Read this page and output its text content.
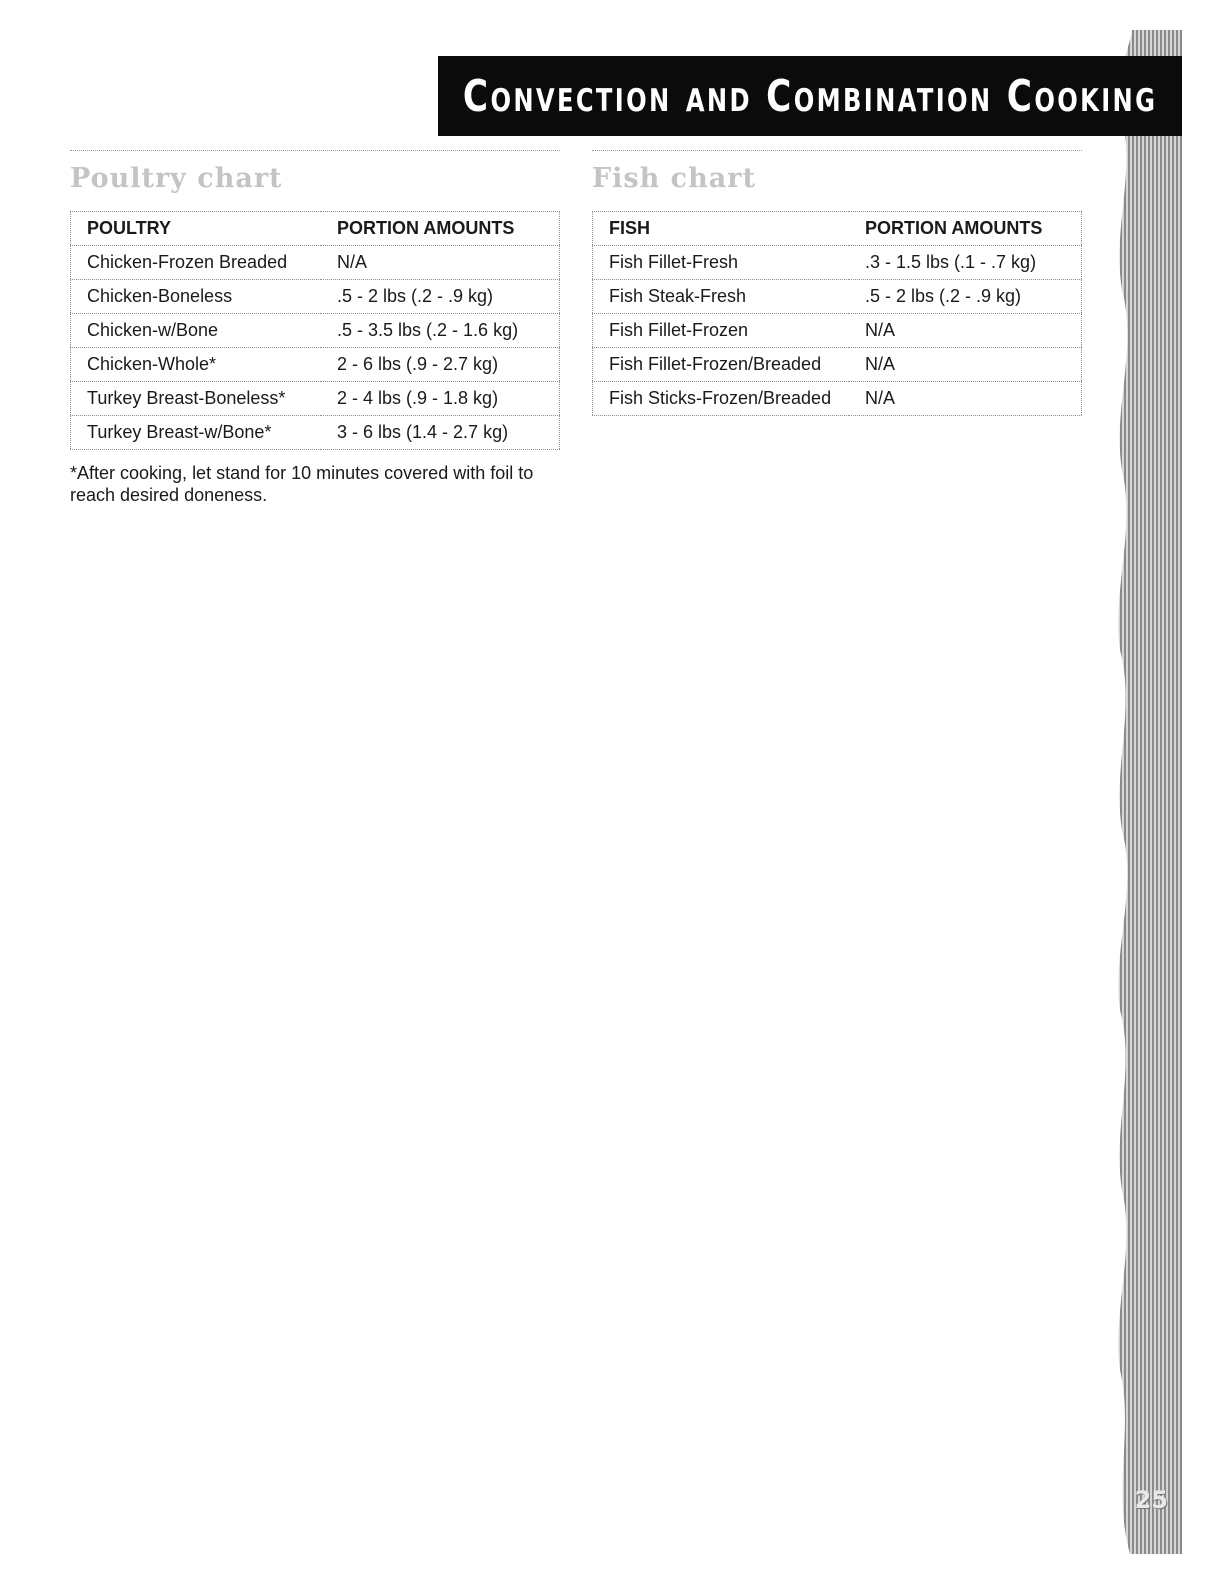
Convection and Combination Cooking
Poultry chart
POULTRY	PORTION AMOUNTS
Chicken-Frozen Breaded	N/A
Chicken-Boneless	.5 - 2 lbs (.2 - .9 kg)
Chicken-w/Bone	.5 - 3.5 lbs (.2 - 1.6 kg)
Chicken-Whole*	2 - 6 lbs (.9 - 2.7 kg)
Turkey Breast-Boneless*	2 - 4 lbs (.9 - 1.8 kg)
Turkey Breast-w/Bone*	3 - 6 lbs (1.4 - 2.7 kg)

*After cooking, let stand for 10 minutes covered with foil to reach desired doneness.

Fish chart
FISH	PORTION AMOUNTS
Fish Fillet-Fresh	.3 - 1.5 lbs (.1 - .7 kg)
Fish Steak-Fresh	.5 - 2 lbs (.2 - .9 kg)
Fish Fillet-Frozen	N/A
Fish Fillet-Frozen/Breaded	N/A
Fish Sticks-Frozen/Breaded	N/A
25
